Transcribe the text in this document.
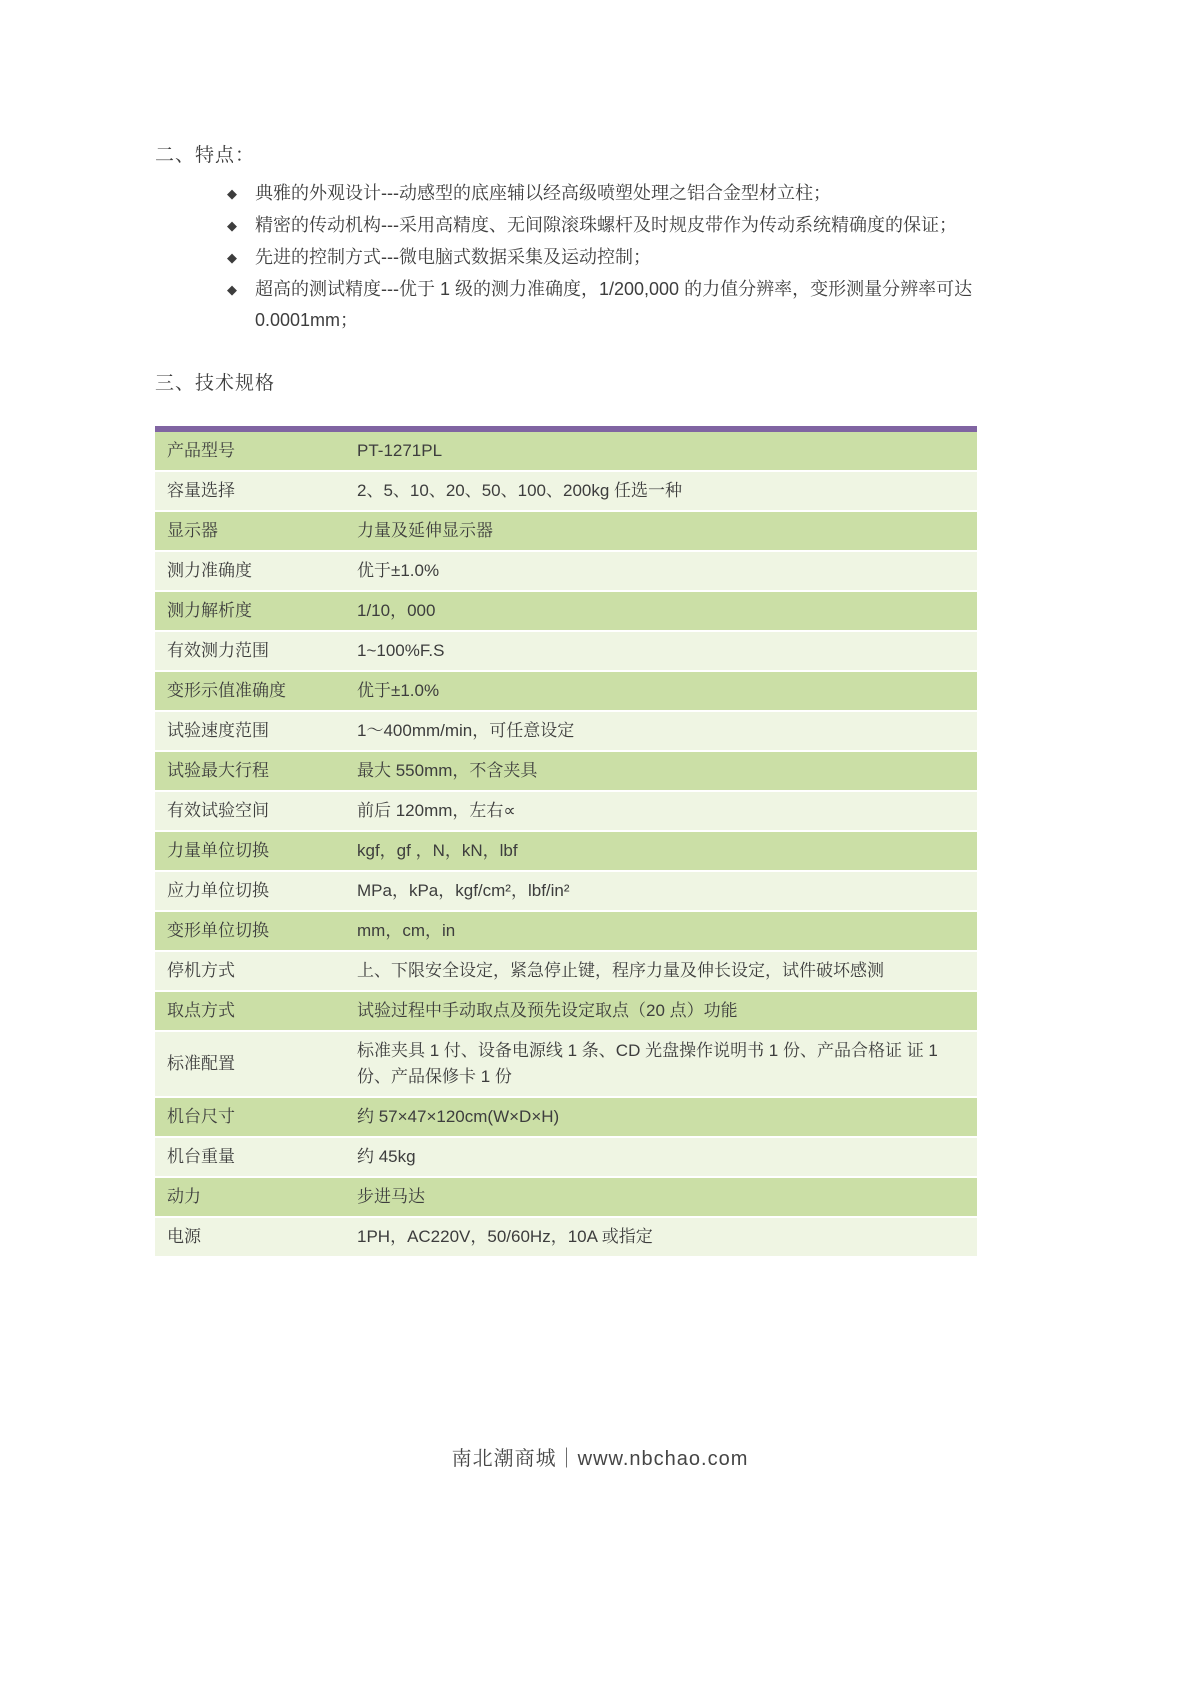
二、特点：
◆ 典雅的外观设计---动感型的底座辅以经高级喷塑处理之铝合金型材立柱；
◆ 精密的传动机构---采用高精度、无间隙滚珠螺杆及时规皮带作为传动系统精确度的保证；
◆ 先进的控制方式---微电脑式数据采集及运动控制；
◆ 超高的测试精度---优于 1 级的测力准确度，1/200,000 的力值分辨率，变形测量分辨率可达 0.0001mm；
三、技术规格
产品型号	PT-1271PL
容量选择	2、5、10、20、50、100、200kg 任选一种
显示器	力量及延伸显示器
测力准确度	优于±1.0%
测力解析度	1/10，000
有效测力范围	1~100%F.S
变形示值准确度	优于±1.0%
试验速度范围	1～400mm/min，可任意设定
试验最大行程	最大 550mm，不含夹具
有效试验空间	前后 120mm，左右∝
力量单位切换	kgf，gf ，N，kN，lbf
应力单位切换	MPa，kPa，kgf/cm²，lbf/in²
变形单位切换	mm，cm，in
停机方式	上、下限安全设定，紧急停止键，程序力量及伸长设定，试件破坏感测
取点方式	试验过程中手动取点及预先设定取点（20 点）功能
标准配置	标准夹具 1 付、设备电源线 1 条、CD 光盘操作说明书 1 份、产品合格证 证 1 份、产品保修卡 1 份
机台尺寸	约 57×47×120cm(W×D×H)
机台重量	约 45kg
动力	步进马达
电源	1PH，AC220V，50/60Hz，10A 或指定
南北潮商城｜www.nbchao.com
